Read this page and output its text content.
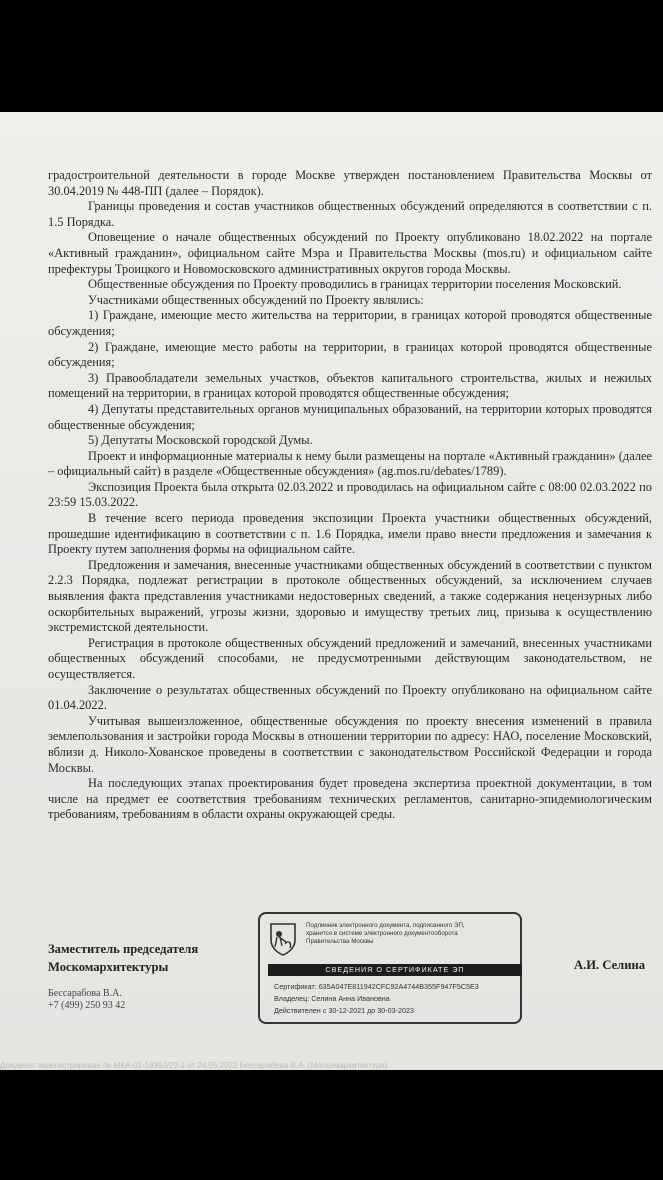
градостроительной деятельности в городе Москве утвержден постановлением Правительства Москвы от 30.04.2019 № 448-ПП (далее – Порядок).

Границы проведения и состав участников общественных обсуждений определяются в соответствии с п. 1.5 Порядка.

Оповещение о начале общественных обсуждений по Проекту опубликовано 18.02.2022 на портале «Активный гражданин», официальном сайте Мэра и Правительства Москвы (mos.ru) и официальном сайте префектуры Троицкого и Новомосковского административных округов города Москвы.

Общественные обсуждения по Проекту проводились в границах территории поселения Московский.

Участниками общественных обсуждений по Проекту являлись:

1) Граждане, имеющие место жительства на территории, в границах которой проводятся общественные обсуждения;

2) Граждане, имеющие место работы на территории, в границах которой проводятся общественные обсуждения;

3) Правообладатели земельных участков, объектов капитального строительства, жилых и нежилых помещений на территории, в границах которой проводятся общественные обсуждения;

4) Депутаты представительных органов муниципальных образований, на территории которых проводятся общественные обсуждения;

5) Депутаты Московской городской Думы.

Проект и информационные материалы к нему были размещены на портале «Активный гражданин» (далее – официальный сайт) в разделе «Общественные обсуждения» (ag.mos.ru/debates/1789).

Экспозиция Проекта была открыта 02.03.2022 и проводилась на официальном сайте с 08:00 02.03.2022 по 23:59 15.03.2022.

В течение всего периода проведения экспозиции Проекта участники общественных обсуждений, прошедшие идентификацию в соответствии с п. 1.6 Порядка, имели право внести предложения и замечания к Проекту путем заполнения формы на официальном сайте.

Предложения и замечания, внесенные участниками общественных обсуждений в соответствии с пунктом 2.2.3 Порядка, подлежат регистрации в протоколе общественных обсуждений, за исключением случаев выявления факта представления участниками недостоверных сведений, а также содержания нецензурных либо оскорбительных выражений, угрозы жизни, здоровью и имуществу третьих лиц, призыва к осуществлению экстремистской деятельности.

Регистрация в протоколе общественных обсуждений предложений и замечаний, внесенных участниками общественных обсуждений способами, не предусмотренными действующим законодательством, не осуществляется.

Заключение о результатах общественных обсуждений по Проекту опубликовано на официальном сайте 01.04.2022.

Учитывая вышеизложенное, общественные обсуждения по проекту внесения изменений в правила землепользования и застройки города Москвы в отношении территории по адресу: НАО, поселение Московский, вблизи д. Николо-Хованское проведены в соответствии с законодательством Российской Федерации и города Москвы.

На последующих этапах проектирования будет проведена экспертиза проектной документации, в том числе на предмет ее соответствия требованиям технических регламентов, санитарно-эпидемиологическим требованиям, требованиям в области охраны окружающей среды.

Заместитель председателя
Москомархитектуры
Бессарабова В.А.
+7 (499) 250 93 42
Подлинник электронного документа, подписанного ЭП,
хранится в системе электронного документооборота
Правительства Москвы
СВЕДЕНИЯ О СЕРТИФИКАТЕ ЭП
Сертификат: 635A047E811942CFC92A4744B355F947F5C5E3
Владелец: Селина Анна Ивановна
Действителен с 30-12-2021 до 30-03-2023
А.И. Селина
Документ зарегистрирован № МКА-02-19392/22-1 от 24.05.2022 Бессарабова В.А. (Москомархитектура)
